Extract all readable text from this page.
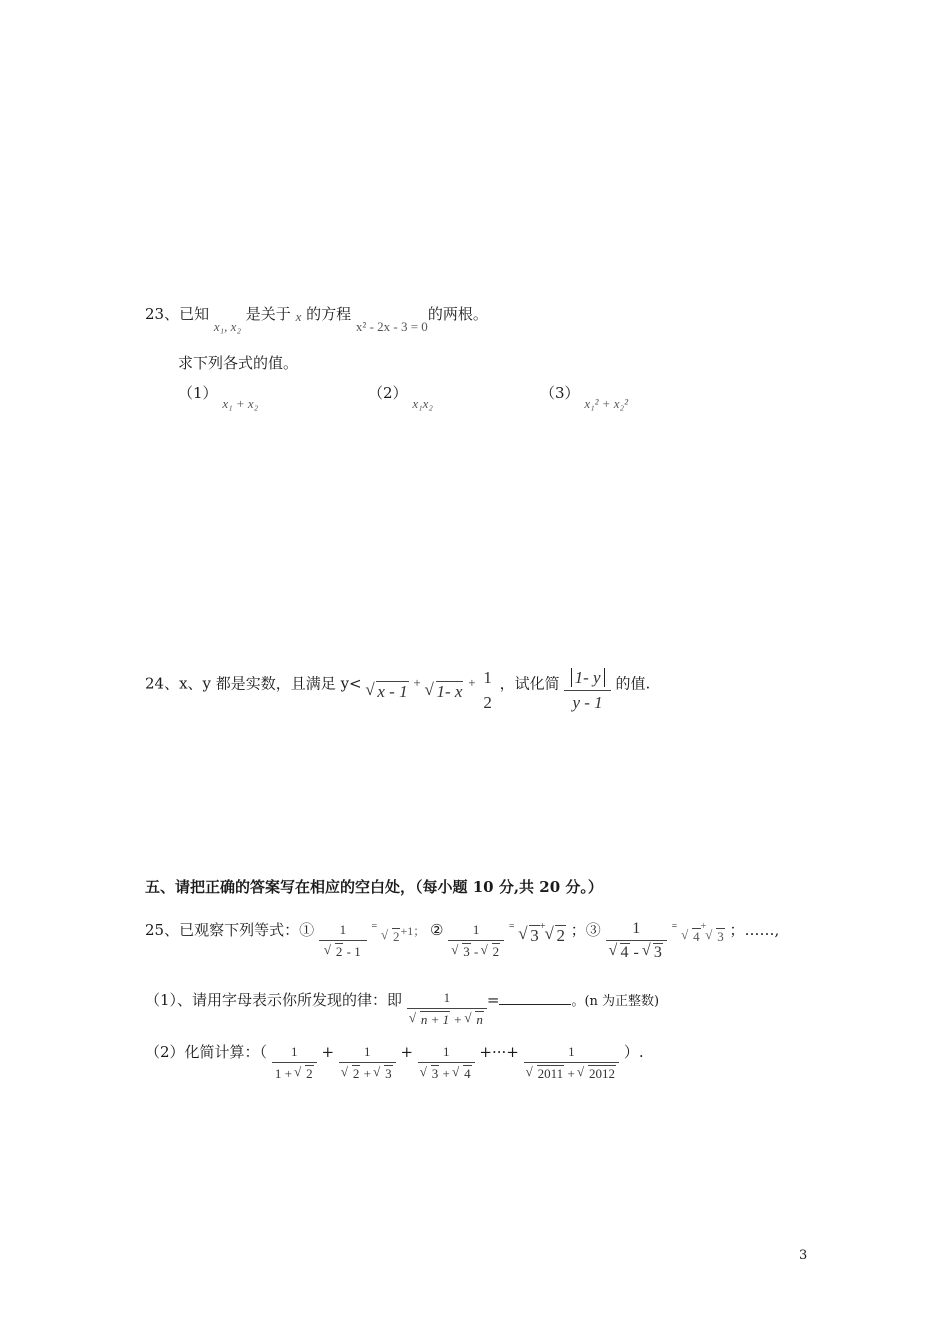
23、已知 x₁, x₂ 是关于 x 的方程 x² - 2x - 3 = 0的两根。
求下列各式的值。
（1） x₁ + x₂
（2） x₁x₂
（3） x₁² + x₂²
24、x、y 都是实数，且满足 y< √ x - 1 + √ 1- $x + \frac{1}{2}$ ，试化简 $\frac{1- y}{y - 1}$ 的值.
五、请把正确的答案写在相应的空白处，（每小题 10 分,共 20 分。）
25、已观察下列等式：① 1
√ 2 - 1 = √ 2+1； ② 1
√ 3 - √ 2 = √ 3+ √ 2 ；③ 1
√ 4 - √ 3 = √ 4+√ 3 ；……,
（1）、请用字母表示你所发现的律：即 1
√ n + 1 + √ n =	。(n 为正整数)
（2）化简计算：（ $\frac{1}{1 + √ 2} + 1$
√ 2 + √ 3 + 1
√ 3 + √ 4 +···+ 1
√ 2011 + √ 2012 ）.
3
